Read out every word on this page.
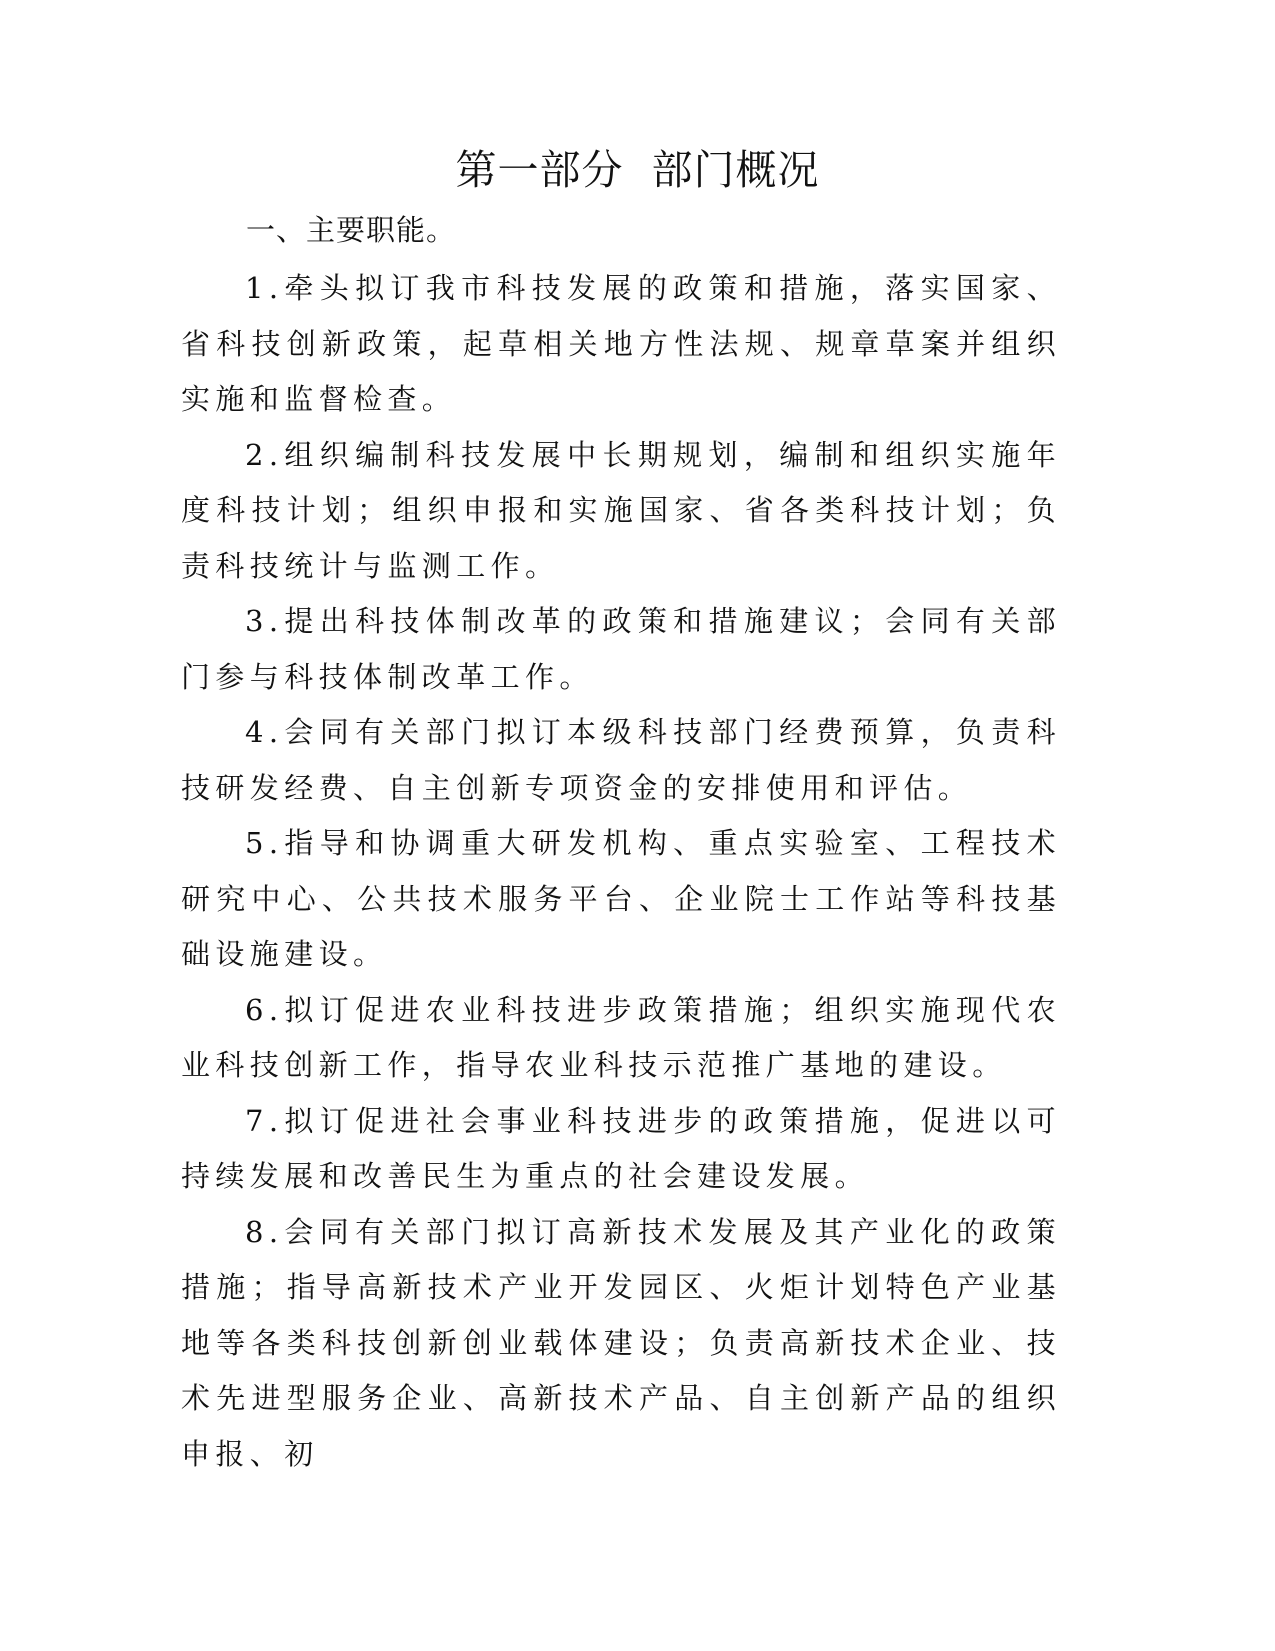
第一部分  部门概况
一、主要职能。

1.牵头拟订我市科技发展的政策和措施，落实国家、省科技创新政策，起草相关地方性法规、规章草案并组织实施和监督检查。

2.组织编制科技发展中长期规划，编制和组织实施年度科技计划；组织申报和实施国家、省各类科技计划；负责科技统计与监测工作。

3.提出科技体制改革的政策和措施建议；会同有关部门参与科技体制改革工作。

4.会同有关部门拟订本级科技部门经费预算，负责科技研发经费、自主创新专项资金的安排使用和评估。

5.指导和协调重大研发机构、重点实验室、工程技术研究中心、公共技术服务平台、企业院士工作站等科技基础设施建设。

6.拟订促进农业科技进步政策措施；组织实施现代农业科技创新工作，指导农业科技示范推广基地的建设。

7.拟订促进社会事业科技进步的政策措施，促进以可持续发展和改善民生为重点的社会建设发展。

8.会同有关部门拟订高新技术发展及其产业化的政策措施；指导高新技术产业开发园区、火炬计划特色产业基地等各类科技创新创业载体建设；负责高新技术企业、技术先进型服务企业、高新技术产品、自主创新产品的组织申报、初
